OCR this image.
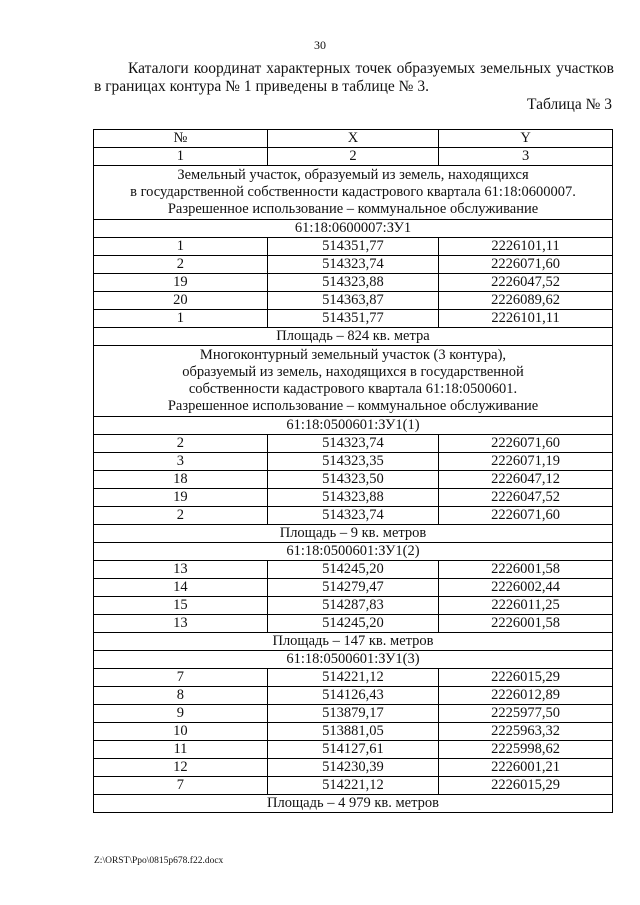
30
Каталоги координат характерных точек образуемых земельных участков
в границах контура № 1 приведены в таблице № 3.
Таблица № 3
№	X	Y
1	2	3

Земельный участок, образуемый из земель, находящихся
в государственной собственности кадастрового квартала 61:18:0600007.
Разрешенное использование – коммунальное обслуживание		

61:18:0600007:ЗУ1		
1	514351,77	2226101,11
2	514323,74	2226071,60
19	514323,88	2226047,52
20	514363,87	2226089,62
1	514351,77	2226101,11
Площадь – 824 кв. метра		

Многоконтурный земельный участок (3 контура),
образуемый из земель, находящихся в государственной
собственности кадастрового квартала 61:18:0500601.
Разрешенное использование – коммунальное обслуживание		

61:18:0500601:ЗУ1(1)		
2	514323,74	2226071,60
3	514323,35	2226071,19
18	514323,50	2226047,12
19	514323,88	2226047,52
2	514323,74	2226071,60
Площадь – 9 кв. метров		
61:18:0500601:ЗУ1(2)		
13	514245,20	2226001,58
14	514279,47	2226002,44
15	514287,83	2226011,25
13	514245,20	2226001,58
Площадь – 147 кв. метров		
61:18:0500601:ЗУ1(3)		
7	514221,12	2226015,29
8	514126,43	2226012,89
9	513879,17	2225977,50
10	513881,05	2225963,32
11	514127,61	2225998,62
12	514230,39	2226001,21
7	514221,12	2226015,29
Площадь – 4 979 кв. метров		
Z:\ORST\Ppo\0815p678.f22.docx
